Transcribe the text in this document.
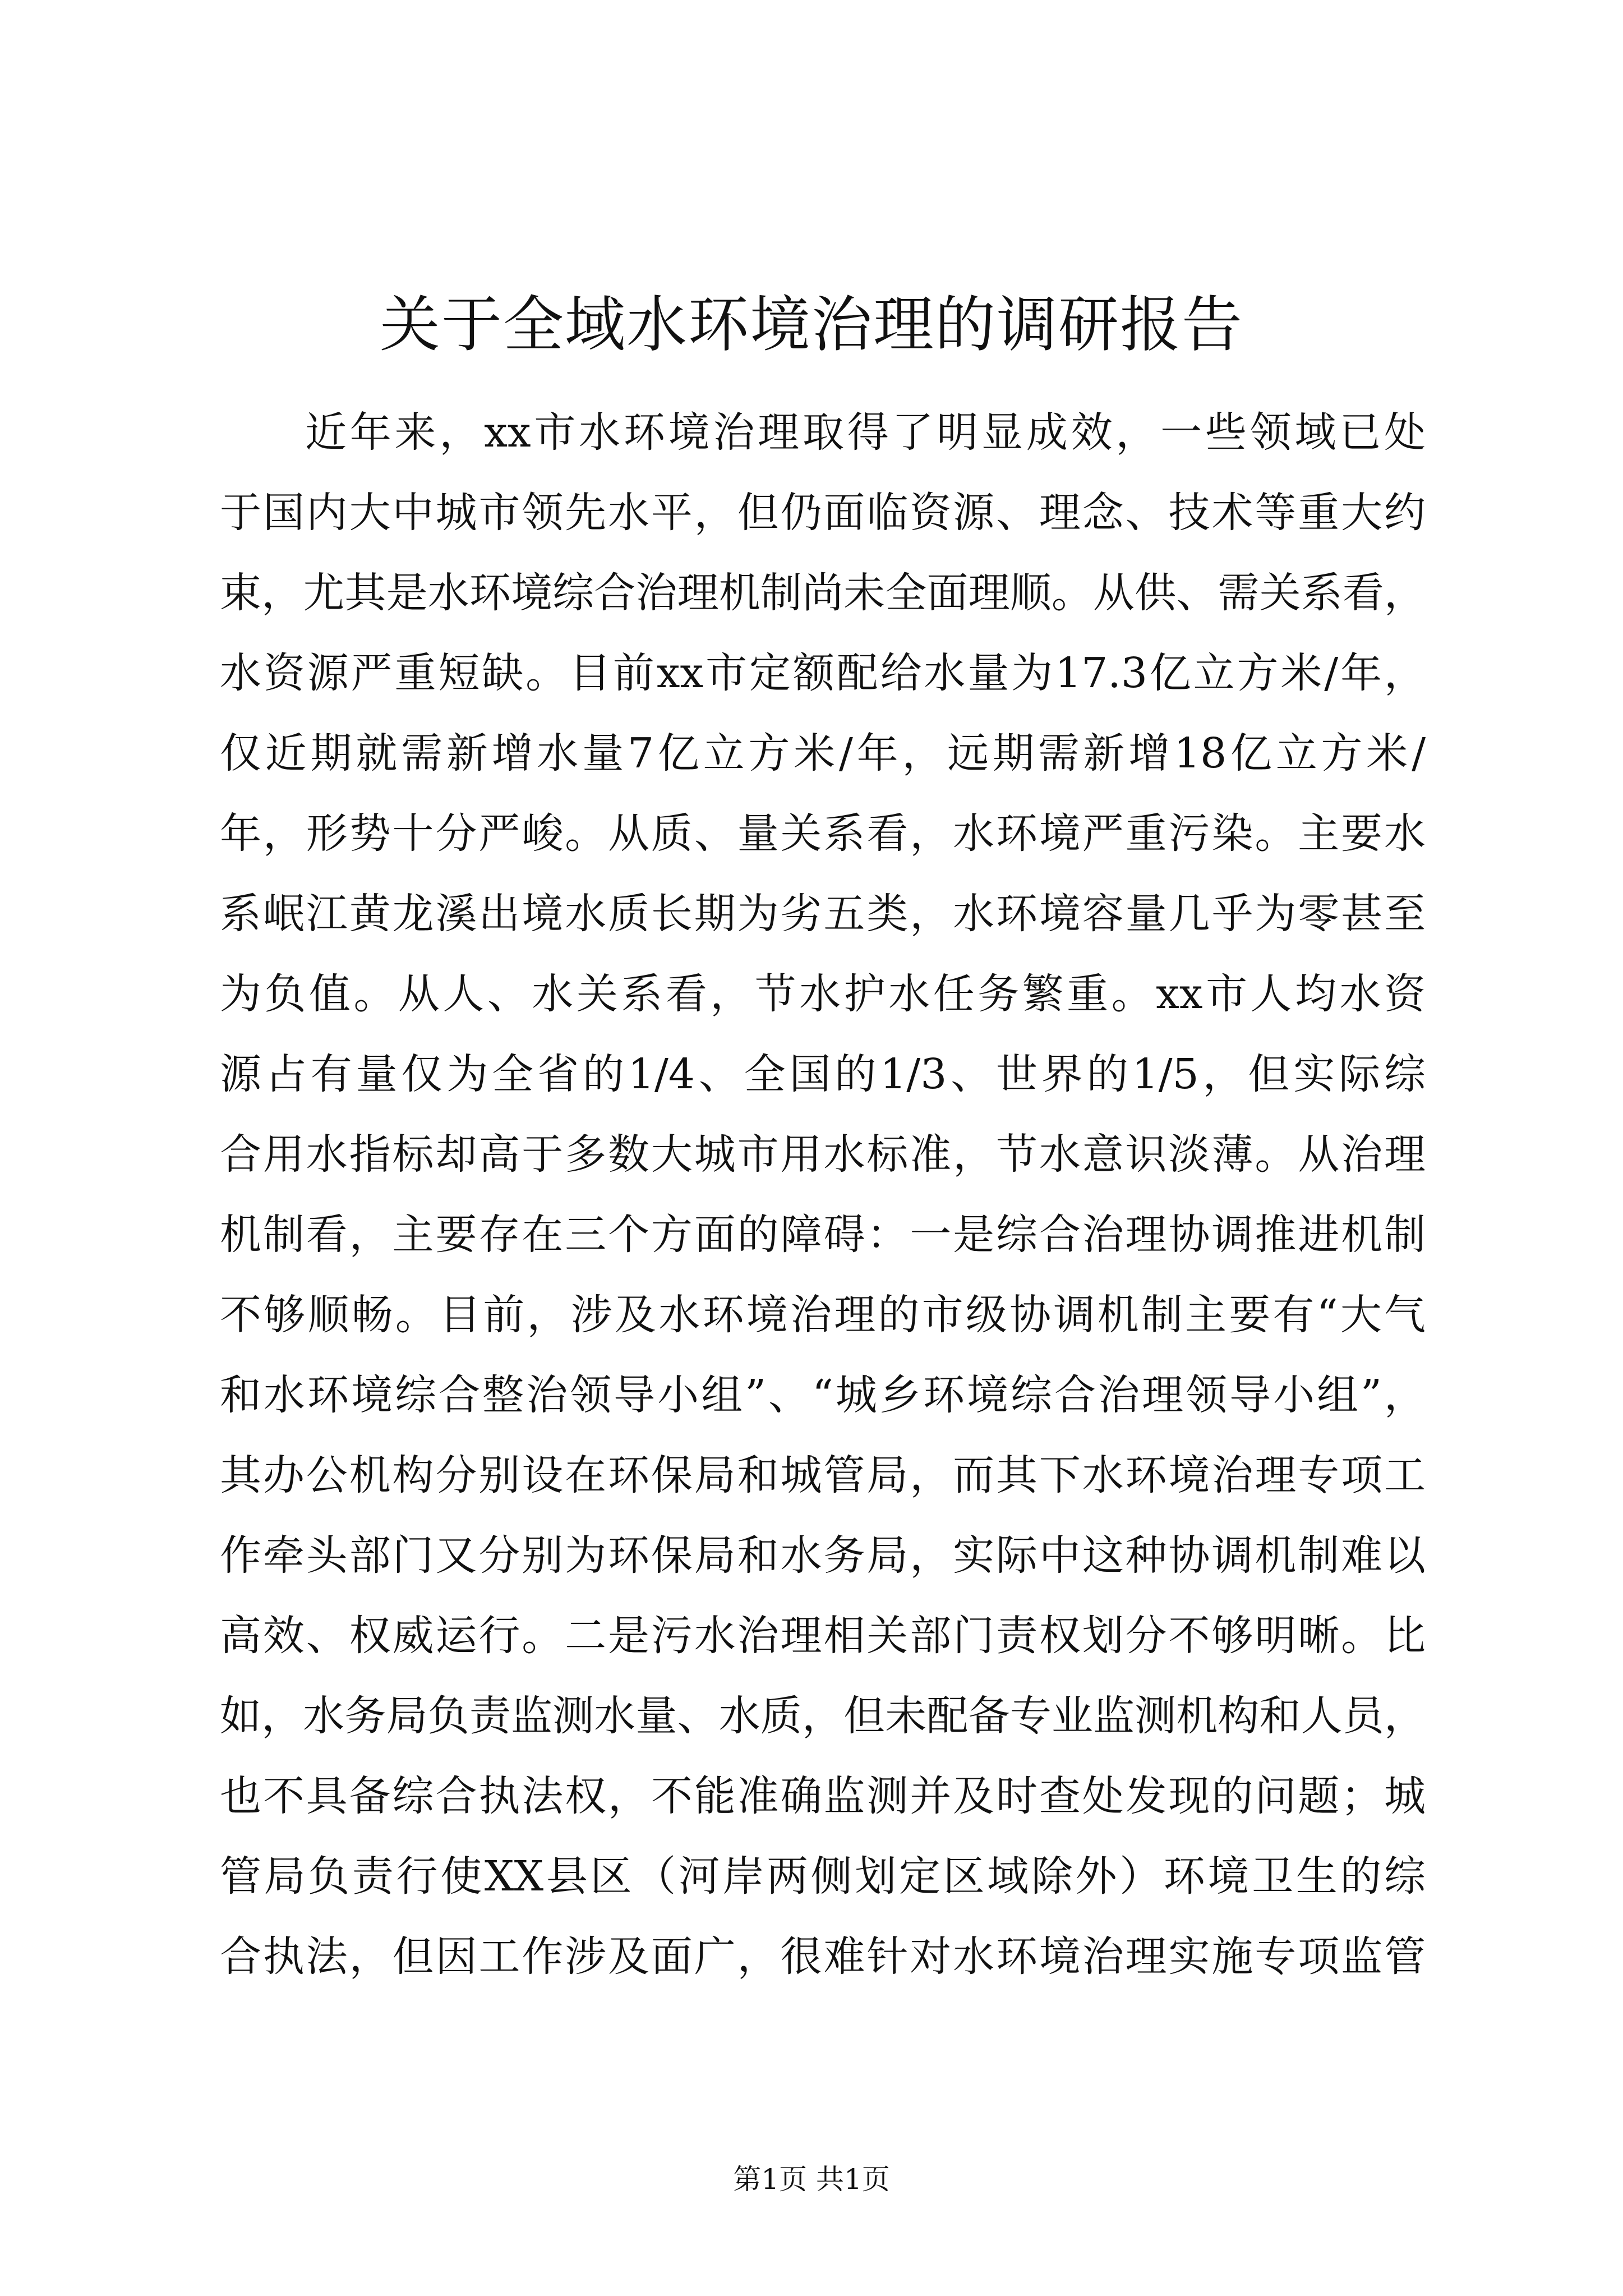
关于全域水环境治理的调研报告
近年来，xx市水环境治理取得了明显成效，一些领域已处
于国内大中城市领先水平，但仍面临资源、理念、技术等重大约
束，尤其是水环境综合治理机制尚未全面理顺。从供、需关系看，
水资源严重短缺。目前xx市定额配给水量为17.3亿立方米/年，
仅近期就需新增水量7亿立方米/年，远期需新增18亿立方米/
年，形势十分严峻。从质、量关系看，水环境严重污染。主要水
系岷江黄龙溪出境水质长期为劣五类，水环境容量几乎为零甚至
为负值。从人、水关系看，节水护水任务繁重。xx市人均水资
源占有量仅为全省的1/4、全国的1/3、世界的1/5，但实际综
合用水指标却高于多数大城市用水标准，节水意识淡薄。从治理
机制看，主要存在三个方面的障碍：一是综合治理协调推进机制
不够顺畅。目前，涉及水环境治理的市级协调机制主要有“大气
和水环境综合整治领导小组”、“城乡环境综合治理领导小组”，
其办公机构分别设在环保局和城管局，而其下水环境治理专项工
作牵头部门又分别为环保局和水务局，实际中这种协调机制难以
高效、权威运行。二是污水治理相关部门责权划分不够明晰。比
如，水务局负责监测水量、水质，但未配备专业监测机构和人员，
也不具备综合执法权，不能准确监测并及时查处发现的问题；城
管局负责行使XX县区（河岸两侧划定区域除外）环境卫生的综
合执法，但因工作涉及面广，很难针对水环境治理实施专项监管
第1页 共1页
